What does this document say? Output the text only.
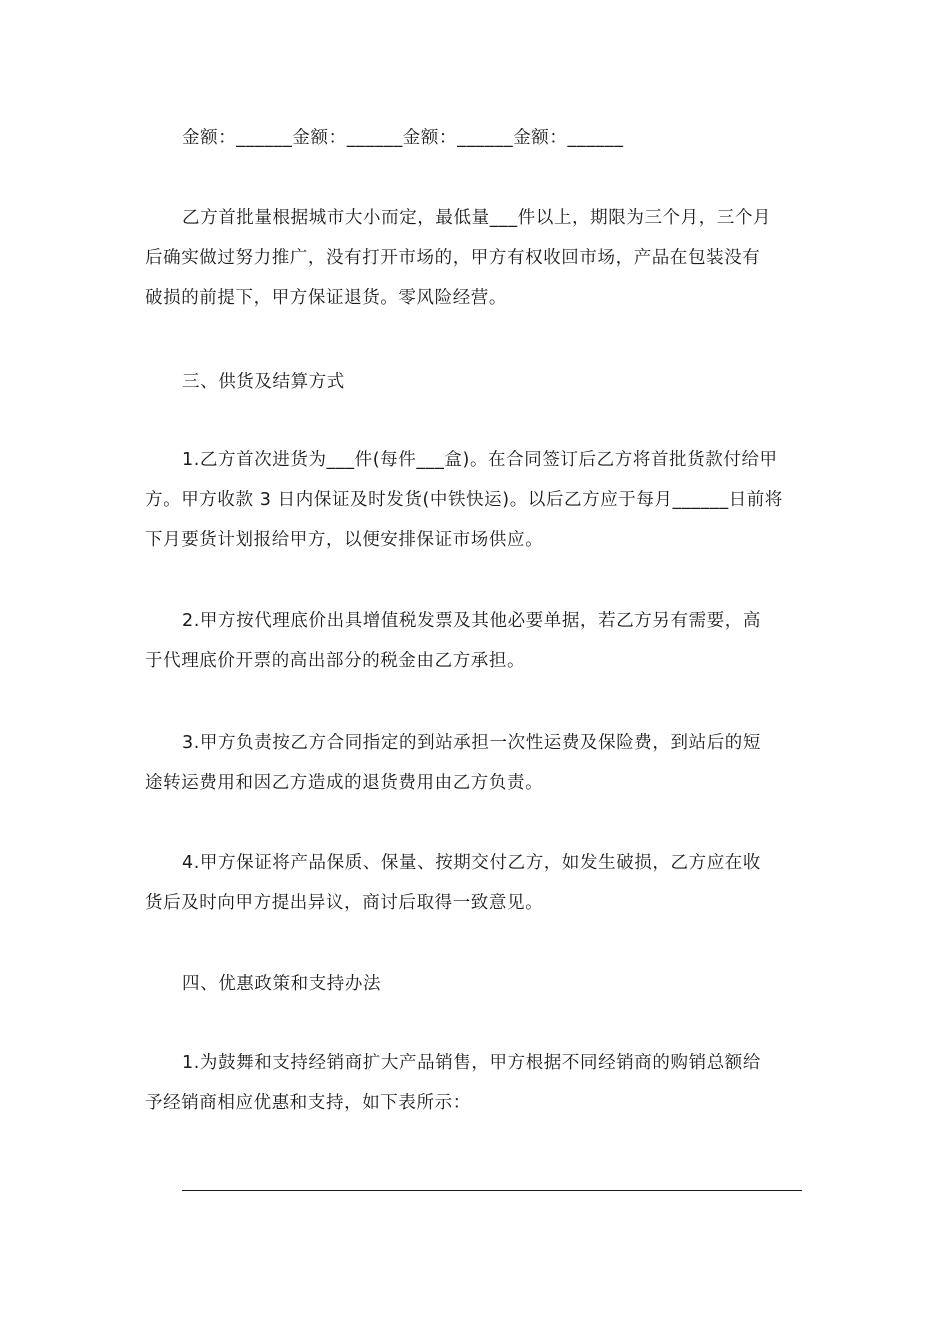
金额：______金额：______金额：______金额：______

乙方首批量根据城市大小而定，最低量___件以上，期限为三个月，三个月
后确实做过努力推广，没有打开市场的，甲方有权收回市场，产品在包装没有
破损的前提下，甲方保证退货。零风险经营。

三、供货及结算方式

1.乙方首次进货为___件(每件___盒)。在合同签订后乙方将首批货款付给甲
方。甲方收款 3 日内保证及时发货(中铁快运)。以后乙方应于每月______日前将
下月要货计划报给甲方，以便安排保证市场供应。

2.甲方按代理底价出具增值税发票及其他必要单据，若乙方另有需要，高
于代理底价开票的高出部分的税金由乙方承担。

3.甲方负责按乙方合同指定的到站承担一次性运费及保险费，到站后的短
途转运费用和因乙方造成的退货费用由乙方负责。

4.甲方保证将产品保质、保量、按期交付乙方，如发生破损，乙方应在收
货后及时向甲方提出异议，商讨后取得一致意见。

四、优惠政策和支持办法

1.为鼓舞和支持经销商扩大产品销售，甲方根据不同经销商的购销总额给
予经销商相应优惠和支持，如下表所示：
